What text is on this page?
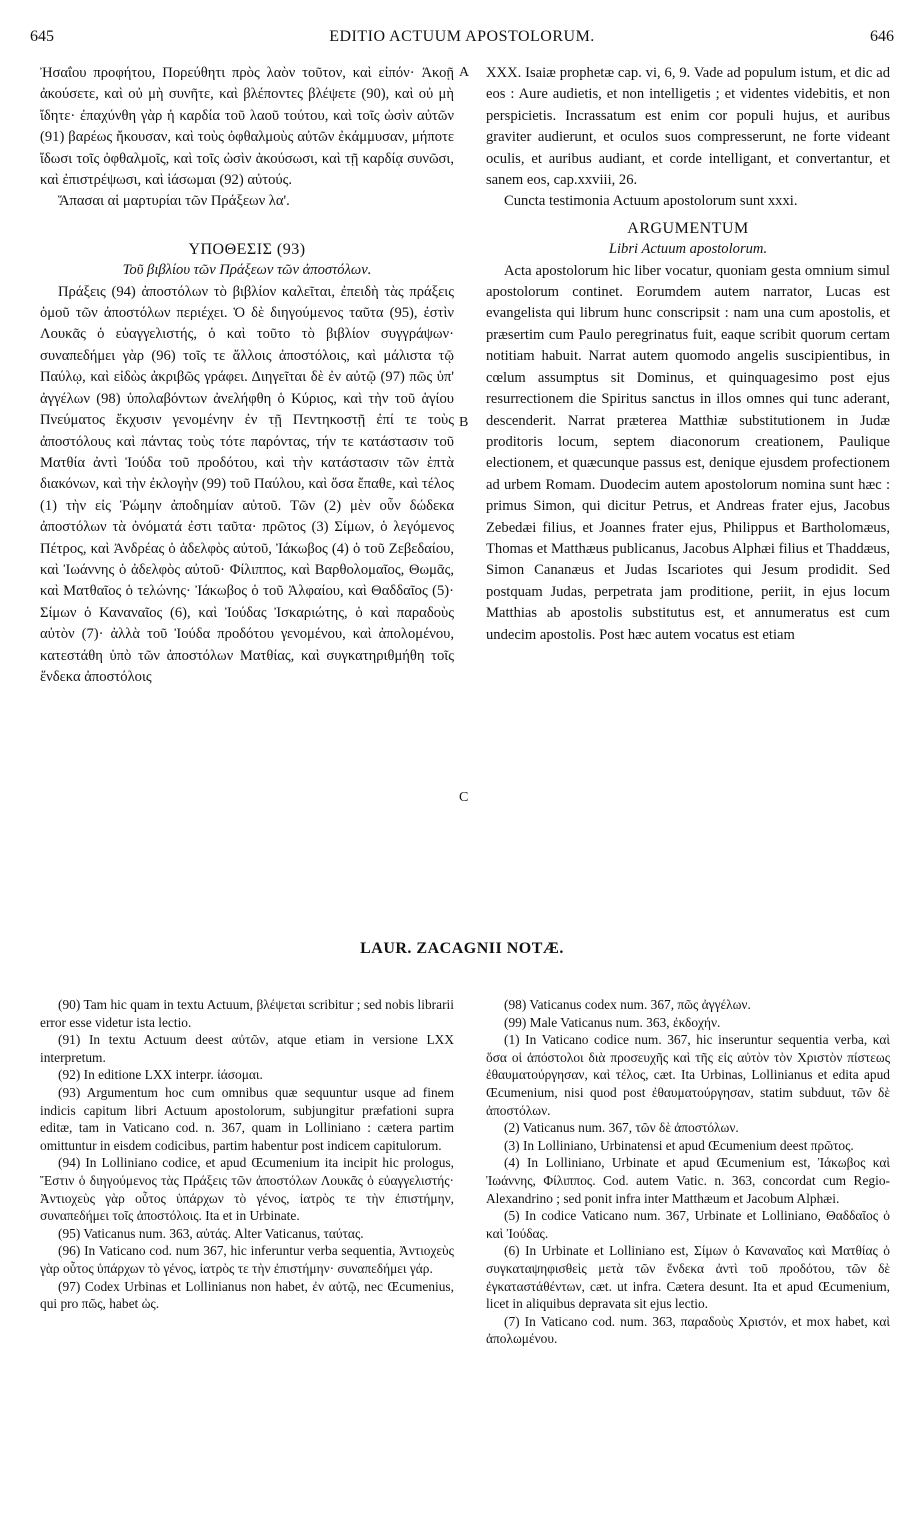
645	EDITIO ACTUUM APOSTOLORUM.	646
A
B
C

Ἠσαΐου προφήτου, Πορεύθητι πρὸς λαὸν τοῦτον, καὶ εἰπόν· Ἀκοῇ ἀκούσετε, καὶ οὐ μὴ συνῆτε, καὶ βλέποντες βλέψετε (90), καὶ οὐ μὴ ἴδητε· ἐπαχύνθη γὰρ ἡ καρδία τοῦ λαοῦ τούτου, καὶ τοῖς ὠσὶν αὐτῶν (91) βαρέως ἤκουσαν, καὶ τοὺς ὀφθαλμοὺς αὐτῶν ἐκάμμυσαν, μήποτε ἴδωσι τοῖς ὀφθαλμοῖς, καὶ τοῖς ὠσὶν ἀκούσωσι, καὶ τῇ καρδίᾳ συνῶσι, καὶ ἐπιστρέψωσι, καὶ ἰάσωμαι (92) αὐτούς.

Ἅπασαι αἱ μαρτυρίαι τῶν Πράξεων λα'.

ΥΠΟΘΕΣΙΣ (93)

Τοῦ βιβλίου τῶν Πράξεων τῶν ἀποστόλων.

Πράξεις (94) ἀποστόλων τὸ βιβλίον καλεῖται, ἐπειδὴ τὰς πράξεις ὁμοῦ τῶν ἀποστόλων περιέχει. Ὁ δὲ διηγούμενος ταῦτα (95), ἐστὶν Λουκᾶς ὁ εὐαγγελιστής, ὁ καὶ τοῦτο τὸ βιβλίον συγγράψων· συναπεδήμει γὰρ (96) τοῖς τε ἄλλοις ἀποστόλοις, καὶ μάλιστα τῷ Παύλῳ, καὶ εἰδὼς ἀκριβῶς γράφει. Διηγεῖται δὲ ἐν αὐτῷ (97) πῶς ὑπ' ἀγγέλων (98) ὑπολαβόντων ἀνελήφθη ὁ Κύριος, καὶ τὴν τοῦ ἁγίου Πνεύματος ἔκχυσιν γενομένην ἐν τῇ Πεντηκοστῇ ἐπί τε τοὺς ἀποστόλους καὶ πάντας τοὺς τότε παρόντας, τήν τε κατάστασιν τοῦ Ματθία ἀντὶ Ἰούδα τοῦ προδότου, καὶ τὴν κατάστασιν τῶν ἑπτὰ διακόνων, καὶ τὴν ἐκλογὴν (99) τοῦ Παύλου, καὶ ὅσα ἔπαθε, καὶ τέλος (1) τὴν εἰς Ῥώμην ἀποδημίαν αὐτοῦ. Τῶν (2) μὲν οὖν δώδεκα ἀποστόλων τὰ ὀνόματά ἐστι ταῦτα· πρῶτος (3) Σίμων, ὁ λεγόμενος Πέτρος, καὶ Ἀνδρέας ὁ ἀδελφὸς αὐτοῦ, Ἰάκωβος (4) ὁ τοῦ Ζεβεδαίου, καὶ Ἰωάννης ὁ ἀδελφὸς αὐτοῦ· Φίλιππος, καὶ Βαρθολομαῖος, Θωμᾶς, καὶ Ματθαῖος ὁ τελώνης· Ἰάκωβος ὁ τοῦ Ἀλφαίου, καὶ Θαδδαῖος (5)· Σίμων ὁ Καναναῖος (6), καὶ Ἰούδας Ἰσκαριώτης, ὁ καὶ παραδοὺς αὐτὸν (7)· ἀλλὰ τοῦ Ἰούδα προδότου γενομένου, καὶ ἀπολομένου, κατεστάθη ὑπὸ τῶν ἀποστόλων Ματθίας, καὶ συγκατηριθμήθη τοῖς ἕνδεκα ἀποστόλοις

XXX. Isaiæ prophetæ cap. vi, 6, 9. Vade ad populum istum, et dic ad eos : Aure audietis, et non intelligetis ; et videntes videbitis, et non perspicietis. Incrassatum est enim cor populi hujus, et auribus graviter audierunt, et oculos suos compresserunt, ne forte videant oculis, et auribus audiant, et corde intelligant, et convertantur, et sanem eos, cap.xxviii, 26.

Cuncta testimonia Actuum apostolorum sunt xxxi.

ARGUMENTUM

Libri Actuum apostolorum.

Acta apostolorum hic liber vocatur, quoniam gesta omnium simul apostolorum continet. Eorumdem autem narrator, Lucas est evangelista qui librum hunc conscripsit : nam una cum apostolis, et præsertim cum Paulo peregrinatus fuit, eaque scribit quorum certam notitiam habuit. Narrat autem quomodo angelis suscipientibus, in cœlum assumptus sit Dominus, et quinquagesimo post ejus resurrectionem die Spiritus sanctus in illos omnes qui tunc aderant, descenderit. Narrat præterea Matthiæ substitutionem in Judæ proditoris locum, septem diaconorum creationem, Paulique electionem, et quæcunque passus est, denique ejusdem profectionem ad urbem Romam. Duodecim autem apostolorum nomina sunt hæc : primus Simon, qui dicitur Petrus, et Andreas frater ejus, Jacobus Zebedæi filius, et Joannes frater ejus, Philippus et Bartholomæus, Thomas et Matthæus publicanus, Jacobus Alphæi filius et Thaddæus, Simon Cananæus et Judas Iscariotes qui Jesum prodidit. Sed postquam Judas, perpetrata jam proditione, periit, in ejus locum Matthias ab apostolis substitutus est, et annumeratus est cum undecim apostolis. Post hæc autem vocatus est etiam

LAUR. ZACAGNII NOTÆ.

(90) Tam hic quam in textu Actuum, βλέψεται scribitur ; sed nobis librarii error esse videtur ista lectio.

(91) In textu Actuum deest αὐτῶν, atque etiam in versione LXX interpretum.

(92) In editione LXX interpr. ἰάσομαι.

(93) Argumentum hoc cum omnibus quæ sequuntur usque ad finem indicis capitum libri Actuum apostolorum, subjungitur præfationi supra editæ, tam in Vaticano cod. n. 367, quam in Lolliniano : cætera partim omittuntur in eisdem codicibus, partim habentur post indicem capitulorum.

(94) In Lolliniano codice, et apud Œcumenium ita incipit hic prologus, Ἔστιν ὁ διηγούμενος τὰς Πράξεις τῶν ἀποστόλων Λουκᾶς ὁ εὐαγγελιστής· Ἀντιοχεὺς γὰρ οὗτος ὑπάρχων τὸ γένος, ἰατρὸς τε τὴν ἐπιστήμην, συναπεδήμει τοῖς ἀποστόλοις. Ita et in Urbinate.

(95) Vaticanus num. 363, αὐτάς. Alter Vaticanus, ταύτας.

(96) In Vaticano cod. num 367, hic inferuntur verba sequentia, Ἀντιοχεὺς γὰρ οὗτος ὑπάρχων τὸ γένος, ἰατρὸς τε τὴν ἐπιστήμην· συναπεδήμει γάρ.

(97) Codex Urbinas et Lollinianus non habet, ἐν αὐτῷ, nec Œcumenius, qui pro πῶς, habet ὡς.

(98) Vaticanus codex num. 367, πῶς ἀγγέλων.

(99) Male Vaticanus num. 363, ἐκδοχήν.

(1) In Vaticano codice num. 367, hic inseruntur sequentia verba, καὶ ὅσα οἱ ἀπόστολοι διὰ προσευχῆς καὶ τῆς εἰς αὐτὸν τὸν Χριστὸν πίστεως ἐθαυματούργησαν, καὶ τέλος, cæt. Ita Urbinas, Lollinianus et edita apud Œcumenium, nisi quod post ἐθαυματούργησαν, statim subduut, τῶν δὲ ἀποστόλων.

(2) Vaticanus num. 367, τῶν δὲ ἀποστόλων.

(3) In Lolliniano, Urbinatensi et apud Œcumenium deest πρῶτος.

(4) In Lolliniano, Urbinate et apud Œcumenium est, Ἰάκωβος καὶ Ἰωάννης, Φίλιππος. Cod. autem Vatic. n. 363, concordat cum Regio-Alexandrino ; sed ponit infra inter Matthæum et Jacobum Alphæi.

(5) In codice Vaticano num. 367, Urbinate et Lolliniano, Θαδδαῖος ὁ καὶ Ἰούδας.

(6) In Urbinate et Lolliniano est, Σίμων ὁ Καναναῖος καὶ Ματθίας ὁ συγκαταψηφισθεὶς μετὰ τῶν ἕνδεκα ἀντὶ τοῦ προδότου, τῶν δὲ ἐγκαταστάθέντων, cæt. ut infra. Cætera desunt. Ita et apud Œcumenium, licet in aliquibus depravata sit ejus lectio.

(7) In Vaticano cod. num. 363, παραδοὺς Χριστόν, et mox habet, καὶ ἀπολωμένου.
